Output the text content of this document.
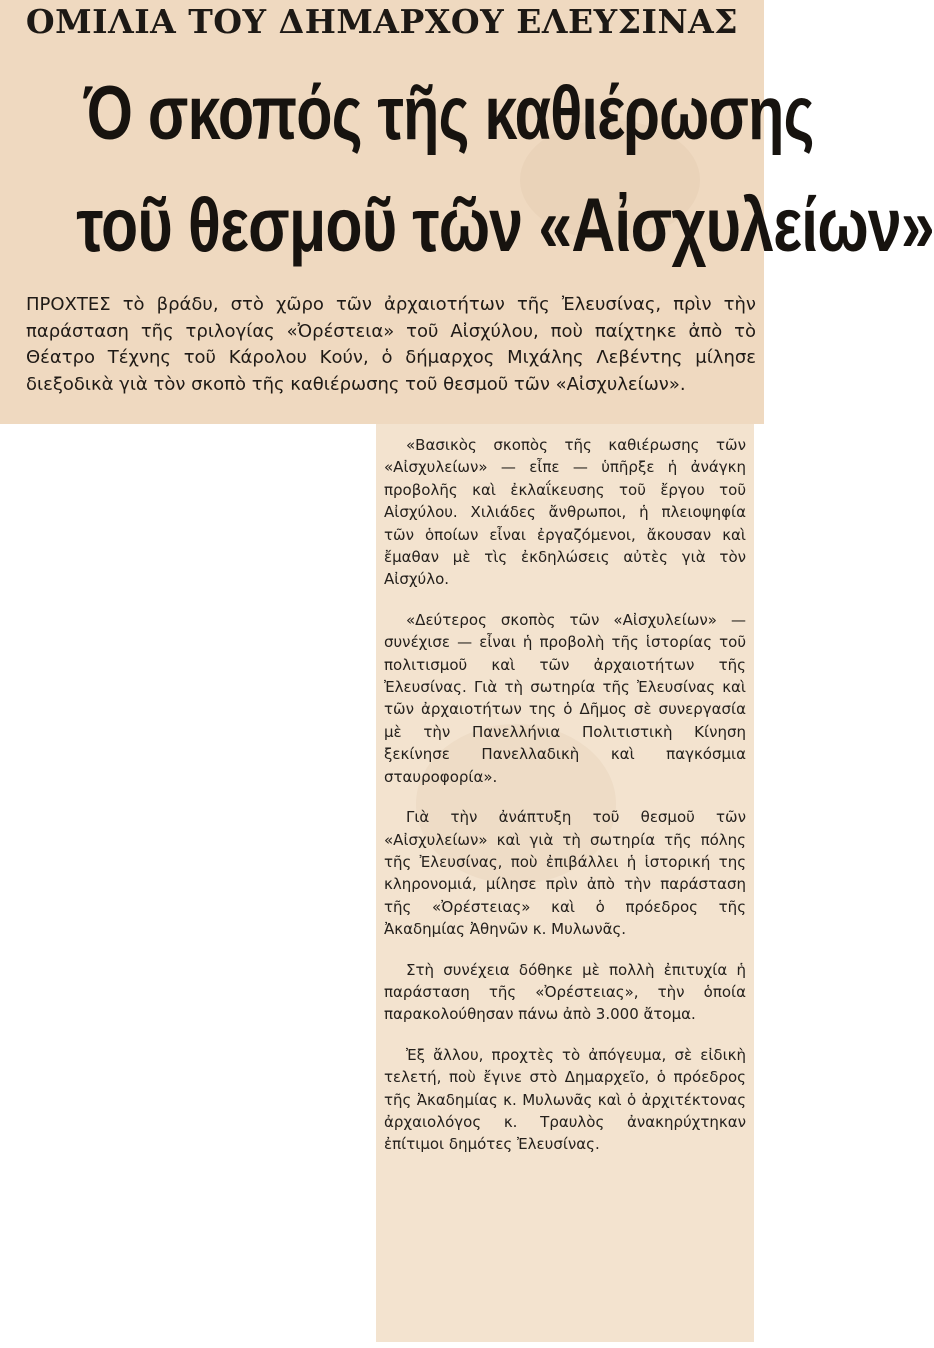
ΟΜΙΛΙΑ ΤΟΥ ΔΗΜΑΡΧΟΥ ΕΛΕΥΣΙΝΑΣ
Ό σκοπός τῆς καθιέρωσης
τοῦ θεσμοῦ τῶν «Αἰσχυλείων»

ΠΡΟΧΤΕΣ τὸ βράδυ, στὸ χῶρο τῶν ἀρχαιοτήτων τῆς Ἐλευσίνας, πρὶν τὴν παράσταση τῆς τριλογίας «Ὀρέστεια» τοῦ Αἰσχύλου, ποὺ παίχτηκε ἀπὸ τὸ Θέατρο Τέχνης τοῦ Κάρολου Κούν, ὁ δήμαρχος Μιχάλης Λεβέντης μίλησε διεξοδικὰ γιὰ τὸν σκοπὸ τῆς καθιέρωσης τοῦ θεσμοῦ τῶν «Αἰσχυλείων».

«Βασικὸς σκοπὸς τῆς καθιέρωσης τῶν «Αἰσχυλείων» — εἶπε — ὑπῆρξε ἡ ἀνάγκη προβολῆς καὶ ἐκλαΐκευσης τοῦ ἔργου τοῦ Αἰσχύλου. Χιλιάδες ἄνθρωποι, ἡ πλειοψηφία τῶν ὁποίων εἶναι ἐργαζόμενοι, ἄκουσαν καὶ ἔμαθαν μὲ τὶς ἐκδηλώσεις αὐτὲς γιὰ τὸν Αἰσχύλο.

«Δεύτερος σκοπὸς τῶν «Αἰσχυλείων» — συνέχισε — εἶναι ἡ προβολὴ τῆς ἱστορίας τοῦ πολιτισμοῦ καὶ τῶν ἀρχαιοτήτων τῆς Ἐλευσίνας. Γιὰ τὴ σωτηρία τῆς Ἐλευσίνας καὶ τῶν ἀρχαιοτήτων της ὁ Δῆμος σὲ συνεργασία μὲ τὴν Πανελλήνια Πολιτιστικὴ Κίνηση ξεκίνησε Πανελλαδικὴ καὶ παγκόσμια σταυροφορία».

Γιὰ τὴν ἀνάπτυξη τοῦ θεσμοῦ τῶν «Αἰσχυλείων» καὶ γιὰ τὴ σωτηρία τῆς πόλης τῆς Ἐλευσίνας, ποὺ ἐπιβάλλει ἡ ἱστορική της κληρονομιά, μίλησε πρὶν ἀπὸ τὴν παράσταση τῆς «Ὀρέστειας» καὶ ὁ πρόεδρος τῆς Ἀκαδημίας Ἀθηνῶν κ. Μυλωνᾶς.

Στὴ συνέχεια δόθηκε μὲ πολλὴ ἐπιτυχία ἡ παράσταση τῆς «Ὀρέστειας», τὴν ὁποία παρακολούθησαν πάνω ἀπὸ 3.000 ἄτομα.

Ἐξ ἄλλου, προχτὲς τὸ ἀπόγευμα, σὲ εἰδικὴ τελετή, ποὺ ἔγινε στὸ Δημαρχεῖο, ὁ πρόεδρος τῆς Ἀκαδημίας κ. Μυλωνᾶς καὶ ὁ ἀρχιτέκτονας ἀρχαιολόγος κ. Τραυλὸς ἀνακηρύχτηκαν ἐπίτιμοι δημότες Ἐλευσίνας.
